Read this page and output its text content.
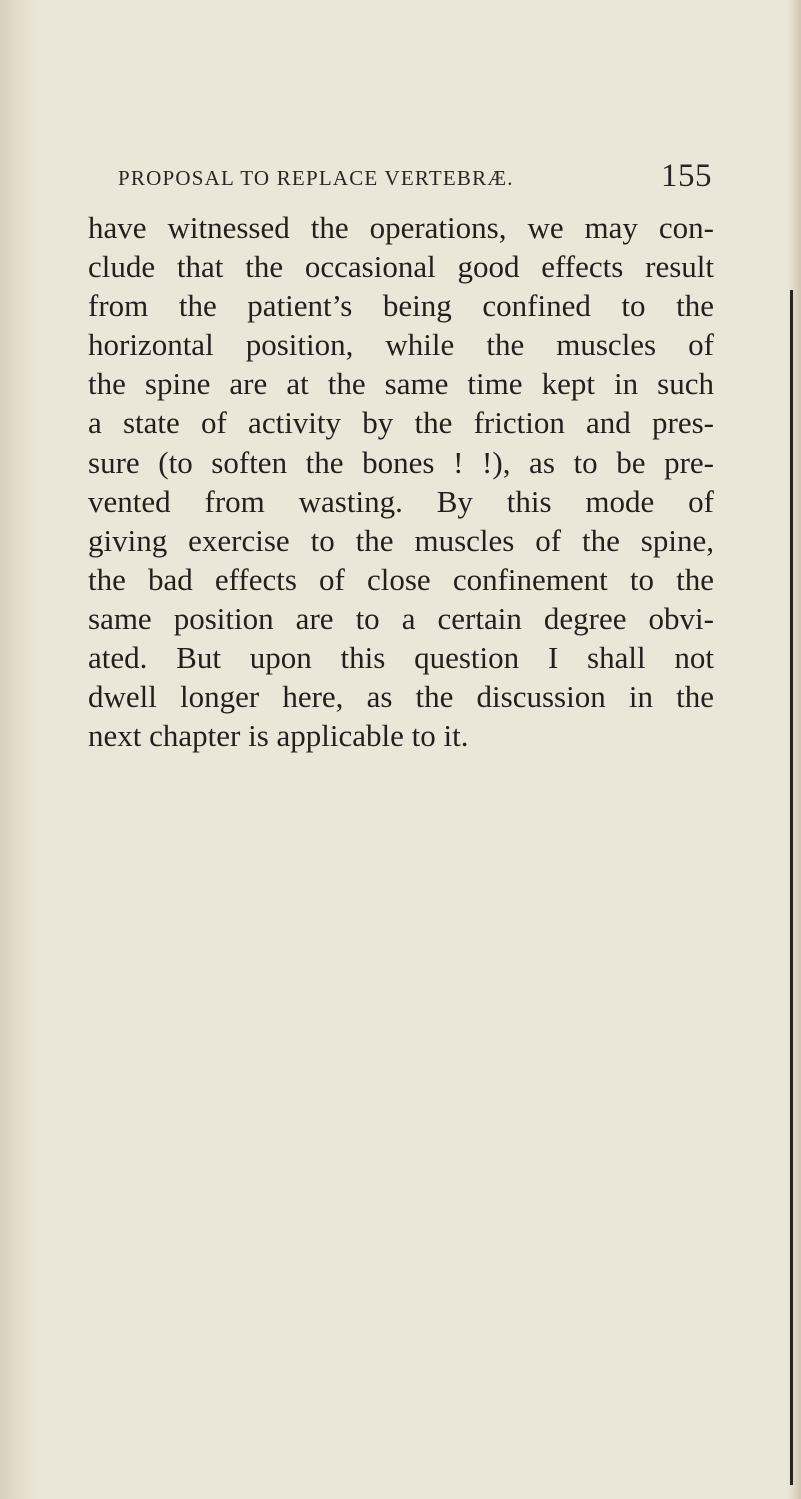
PROPOSAL TO REPLACE VERTEBRÆ.	155
have witnessed the operations, we may con-
clude that the occasional good effects result
from the patient’s being confined to the
horizontal position, while the muscles of
the spine are at the same time kept in such
a state of activity by the friction and pres-
sure (to soften the bones ! !), as to be pre-
vented from wasting. By this mode of
giving exercise to the muscles of the spine,
the bad effects of close confinement to the
same position are to a certain degree obvi-
ated. But upon this question I shall not
dwell longer here, as the discussion in the
next chapter is applicable to it.
